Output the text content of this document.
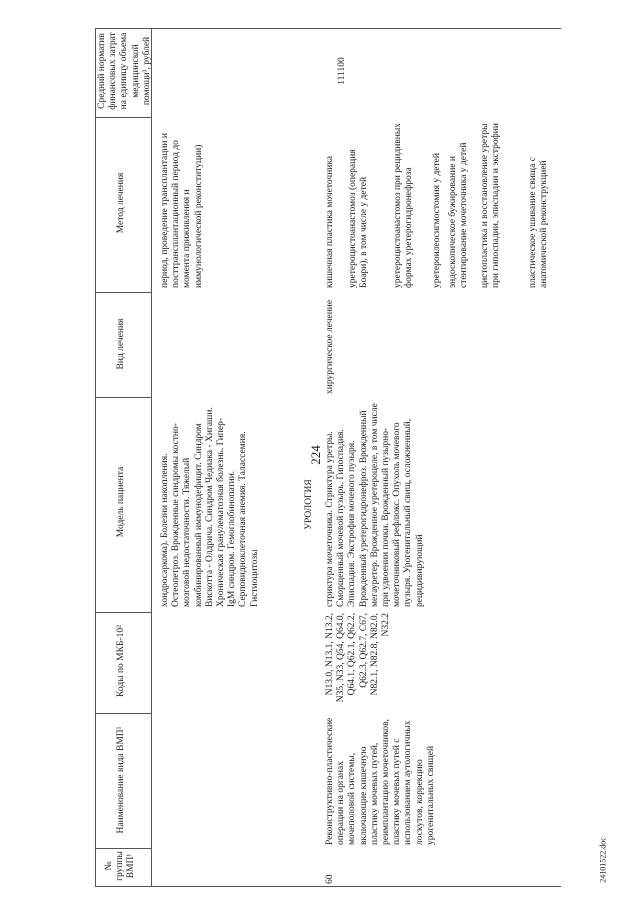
224
№ группы ВМП¹
Наименование вида ВМП¹
Коды по МКБ-10²
Модель пациента
Вид лечения
Метод лечения
Средний норматив финансовых затрат на единицу объема медицинской помощи³, рублей
хондросаркома). Болезни накопления. Остеопетроз. Врожденные синдромы костно-мозговой недостаточности. Тяжелый комбинированный иммунодефицит. Синдром Вискотта - Олдрича. Синдром Чедиака - Хигаши. Хроническая гранулематозная болезнь. Гипер-IgM синдром. Гемоглобинопатии. Серповидноклеточная анемия. Талассемия. Гистиоцитозы
период, проведение трансплантации и посттрансплантационный период до момента приживления и иммунологической реконституции)
УРОЛОГИЯ
60
Реконструктивно-пластические операции на органах мочеполовой системы, включающие кишечную пластику мочевых путей, реимплантацию мочеточников, пластику мочевых путей с использованием аутологичных лоскутов, коррекцию урогенитальных свищей
N13.0, N13.1, N13.2, N35, N33, Q54, Q64.0, Q64.1, Q62.1, Q62.2, Q62.3, Q62.7, C67, N82.1, N82.8, N82.0, N32.2
стриктура мочеточника. Стриктура уретры. Сморщенный мочевой пузырь. Гипоспадия. Эписпадия. Экстрофия мочевого пузыря. Врожденный уретерогидронефроз. Врожденный мегауретер. Врожденное уретероцеле, в том числе при удвоении почки. Врожденный пузырно-мочеточниковый рефлюкс. Опухоль мочевого пузыря. Урогенитальный свищ, осложненный, рецидивирующий
хирургическое лечение
кишечная пластика мочеточника уретероцистоанастомоз (операция Боари), в том числе у детей	уретероцистоанастомоз при рецидивных формах уретерогидронефроза уретероилеосигмостомия у детей эндоскопическое бужирование и стентирование мочеточника у детей цистопластика и восстановление уретры при гипоспадии, эписпадии и экстрофии	пластическое ушивание свища с анатомической реконструкцией
111100
24101522.doc
